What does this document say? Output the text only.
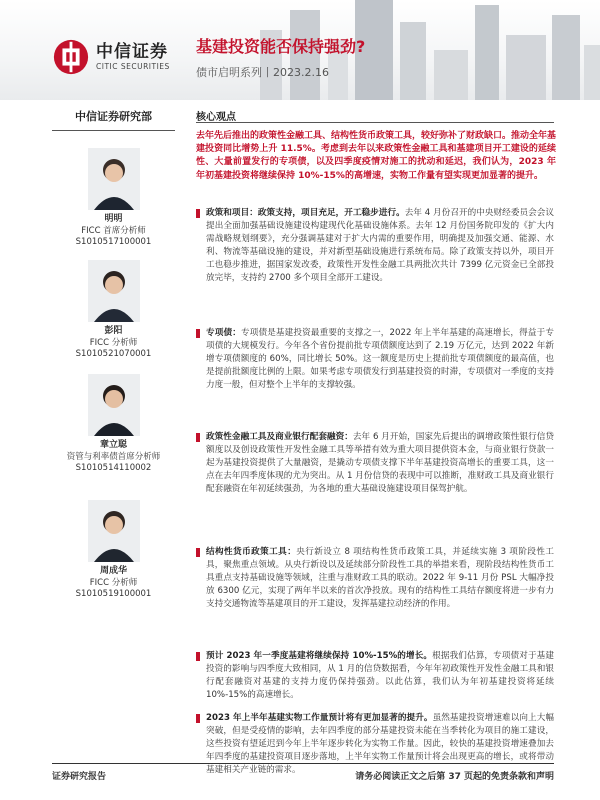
中信证券
CITIC SECURITIES
基建投资能否保持强劲?
债市启明系列丨2023.2.16
中信证券研究部
明明
FICC 首席分析师
S1010517100001
彭阳
FICC 分析师
S1010521070001
章立聪
资管与利率债首席分析师
S1010514110002
周成华
FICC 分析师
S1010519100001
核心观点
去年先后推出的政策性金融工具、结构性货币政策工具，较好弥补了财政缺口。推动全年基建投资同比增势上升 11.5%。考虑到去年以来政策性金融工具和基建项目开工建设的延续性、大量前置发行的专项债，以及四季度疫情对施工的扰动和延迟，我们认为，2023 年年初基建投资将继续保持 10%-15%的高增速，实物工作量有望实现更加显著的提升。
政策和项目：政策支持，项目充足，开工稳步进行。去年 4 月份召开的中央财经委员会会议提出全面加强基础设施建设构建现代化基础设施体系。去年 12 月份国务院印发的《扩大内需战略规划纲要》，充分强调基建对于扩大内需的重要作用，明确提及加强交通、能源、水利、物流等基础设施的建设，并对新型基础设施进行系统布局。除了政策支持以外，项目开工也稳步推进，据国家发改委，政策性开发性金融工具两批次共计 7399 亿元资金已全部投放完毕，支持约 2700 多个项目全部开工建设。
专项债：专项债是基建投资最重要的支撑之一，2022 年上半年基建的高速增长，得益于专项债的大规模发行。今年各个省份提前批专项债额度达到了 2.19 万亿元，达到 2022 年新增专项债额度的 60%，同比增长 50%。这一额度是历史上提前批专项债额度的最高值，也是提前批额度比例的上限。如果考虑专项债发行到基建投资的时滞，专项债对一季度的支持力度一般，但对整个上半年的支撑较强。
政策性金融工具及商业银行配套融资：去年 6 月开始，国家先后提出的调增政策性银行信贷额度以及创设政策性开发性金融工具等举措有效为重大项目提供资本金，与商业银行贷款一起为基建投资提供了大量融资，是撬动专项债支撑下半年基建投资高增长的重要工具，这一点在去年四季度体现的尤为突出。从 1 月份信贷的表现中可以推断，准财政工具及商业银行配套融资在年初延续强劲，为各地的重大基础设施建设项目保驾护航。
结构性货币政策工具：央行新设立 8 项结构性货币政策工具，并延续实施 3 项阶段性工具，聚焦重点领域。从央行新设以及延续部分阶段性工具的举措来看，现阶段结构性货币工具重点支持基础设施等领域，注重与准财政工具的联动。2022 年 9-11 月份 PSL 大幅净投放 6300 亿元，实现了两年半以来的首次净投放。现有的结构性工具结存额度将进一步有力支持交通物流等基建项目的开工建设，发挥基建拉动经济的作用。
预计 2023 年一季度基建将继续保持 10%-15%的增长。根据我们估算，专项债对于基建投资的影响与四季度大致相同，从 1 月的信贷数据看，今年年初政策性开发性金融工具和银行配套融资对基建的支持力度仍保持强劲。以此估算，我们认为年初基建投资将延续 10%-15%的高速增长。
2023 年上半年基建实物工作量预计将有更加显著的提升。虽然基建投资增速难以向上大幅突破，但是受疫情的影响，去年四季度的部分基建投资未能在当季转化为项目的施工建设，这些投资有望延迟到今年上半年逐步转化为实物工作量。因此，较快的基建投资增速叠加去年四季度的基建投资项目逐步落地，上半年实物工作量预计将会出现更高的增长，或将带动基建相关产业链的需求。
证券研究报告	请务必阅读正文之后第 37 页起的免责条款和声明
